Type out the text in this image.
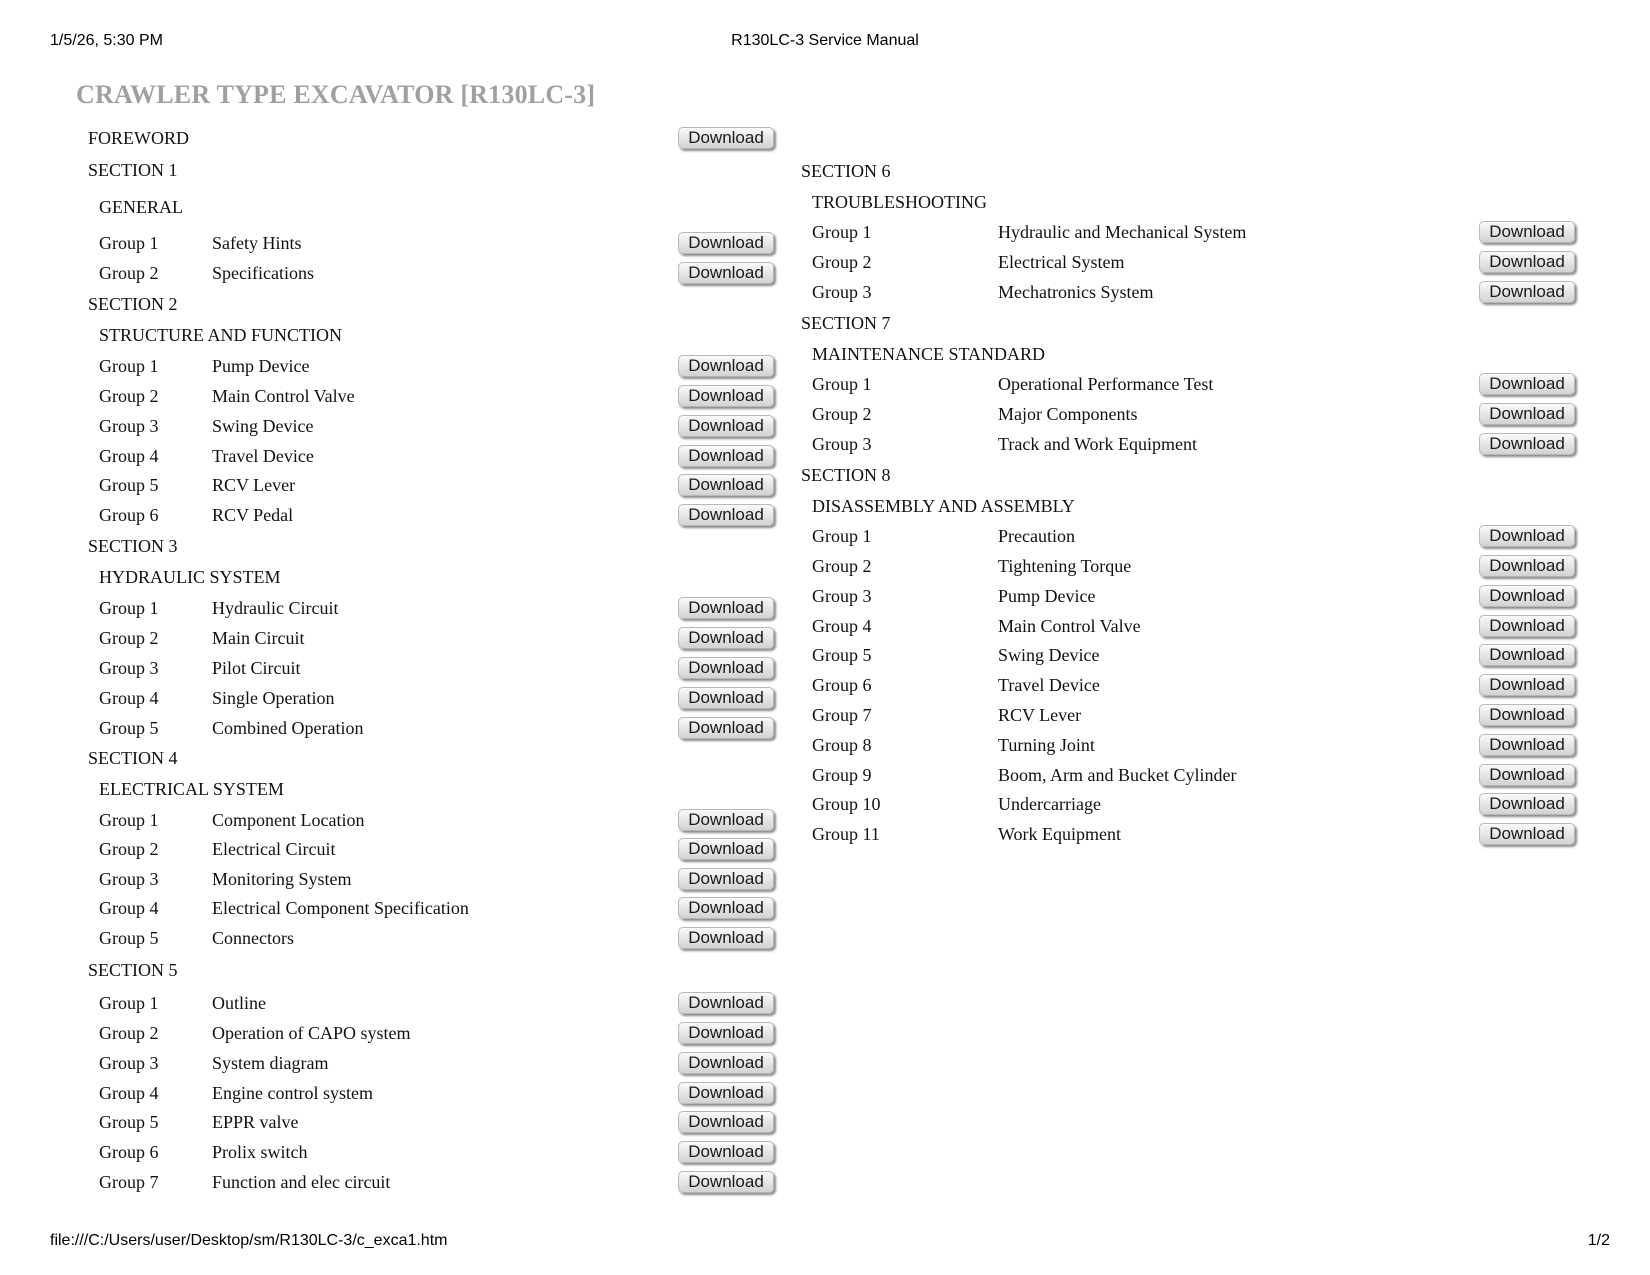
1/5/26, 5:30 PM	R130LC-3 Service Manual
CRAWLER TYPE EXCAVATOR [R130LC-3]
FOREWORD	Download
SECTION 1
GENERAL
Group 1	Safety Hints	Download
Group 2	Specifications	Download
SECTION 2
STRUCTURE AND FUNCTION
Group 1	Pump Device	Download
Group 2	Main Control Valve	Download
Group 3	Swing Device	Download
Group 4	Travel Device	Download
Group 5	RCV Lever	Download
Group 6	RCV Pedal	Download
SECTION 3
HYDRAULIC SYSTEM
Group 1	Hydraulic Circuit	Download
Group 2	Main Circuit	Download
Group 3	Pilot Circuit	Download
Group 4	Single Operation	Download
Group 5	Combined Operation	Download
SECTION 4
ELECTRICAL SYSTEM
Group 1	Component Location	Download
Group 2	Electrical Circuit	Download
Group 3	Monitoring System	Download
Group 4	Electrical Component Specification	Download
Group 5	Connectors	Download
SECTION 5
Group 1	Outline	Download
Group 2	Operation of CAPO system	Download
Group 3	System diagram	Download
Group 4	Engine control system	Download
Group 5	EPPR valve	Download
Group 6	Prolix switch	Download
Group 7	Function and elec circuit	Download
SECTION 6
TROUBLESHOOTING
Group 1	Hydraulic and Mechanical System	Download
Group 2	Electrical System	Download
Group 3	Mechatronics System	Download
SECTION 7
MAINTENANCE STANDARD
Group 1	Operational Performance Test	Download
Group 2	Major Components	Download
Group 3	Track and Work Equipment	Download
SECTION 8
DISASSEMBLY AND ASSEMBLY
Group 1	Precaution	Download
Group 2	Tightening Torque	Download
Group 3	Pump Device	Download
Group 4	Main Control Valve	Download
Group 5	Swing Device	Download
Group 6	Travel Device	Download
Group 7	RCV Lever	Download
Group 8	Turning Joint	Download
Group 9	Boom, Arm and Bucket Cylinder	Download
Group 10	Undercarriage	Download
Group 11	Work Equipment	Download
file:///C:/Users/user/Desktop/sm/R130LC-3/c_exca1.htm	1/2
